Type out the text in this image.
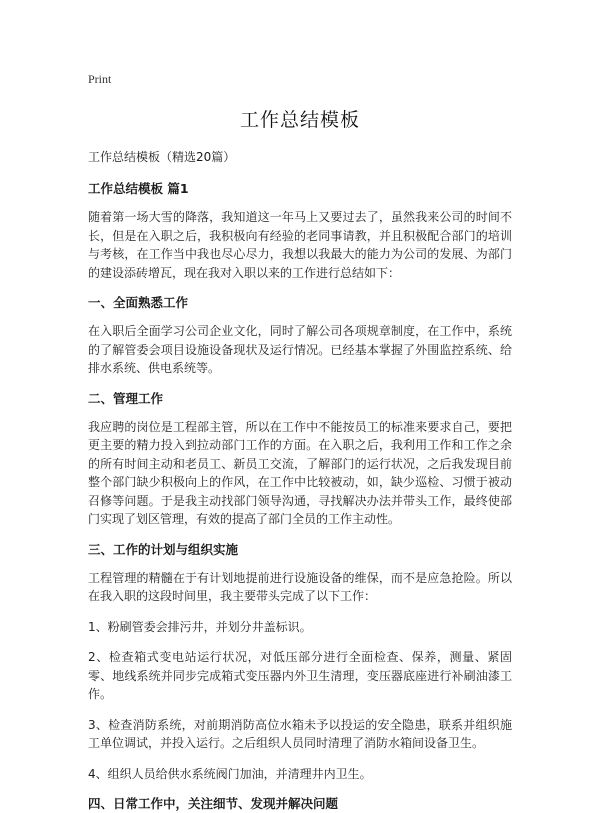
Print
工作总结模板
工作总结模板（精选20篇）
工作总结模板 篇1

随着第一场大雪的降落，我知道这一年马上又要过去了，虽然我来公司的时间不长，但是在入职之后，我积极向有经验的老同事请教，并且积极配合部门的培训与考核，在工作当中我也尽心尽力，我想以我最大的能力为公司的发展、为部门的建设添砖增瓦，现在我对入职以来的工作进行总结如下：

一、全面熟悉工作

在入职后全面学习公司企业文化，同时了解公司各项规章制度，在工作中，系统的了解管委会项目设施设备现状及运行情况。已经基本掌握了外围监控系统、给排水系统、供电系统等。

二、管理工作

我应聘的岗位是工程部主管，所以在工作中不能按员工的标准来要求自己，要把更主要的精力投入到拉动部门工作的方面。在入职之后，我利用工作和工作之余的所有时间主动和老员工、新员工交流，了解部门的运行状况，之后我发现目前整个部门缺少积极向上的作风，在工作中比较被动，如，缺少巡检、习惯于被动召修等问题。于是我主动找部门领导沟通，寻找解决办法并带头工作，最终使部门实现了划区管理，有效的提高了部门全员的工作主动性。

三、工作的计划与组织实施

工程管理的精髓在于有计划地提前进行设施设备的维保，而不是应急抢险。所以在我入职的这段时间里，我主要带头完成了以下工作：

1、粉刷管委会排污井，并划分井盖标识。

2、检查箱式变电站运行状况，对低压部分进行全面检查、保养，测量、紧固零、地线系统并同步完成箱式变压器内外卫生清理，变压器底座进行补刷油漆工作。

3、检查消防系统，对前期消防高位水箱未予以投运的安全隐患，联系并组织施工单位调试，并投入运行。之后组织人员同时清理了消防水箱间设备卫生。

4、组织人员给供水系统阀门加油，并清理井内卫生。

四、日常工作中，关注细节、发现并解决问题
